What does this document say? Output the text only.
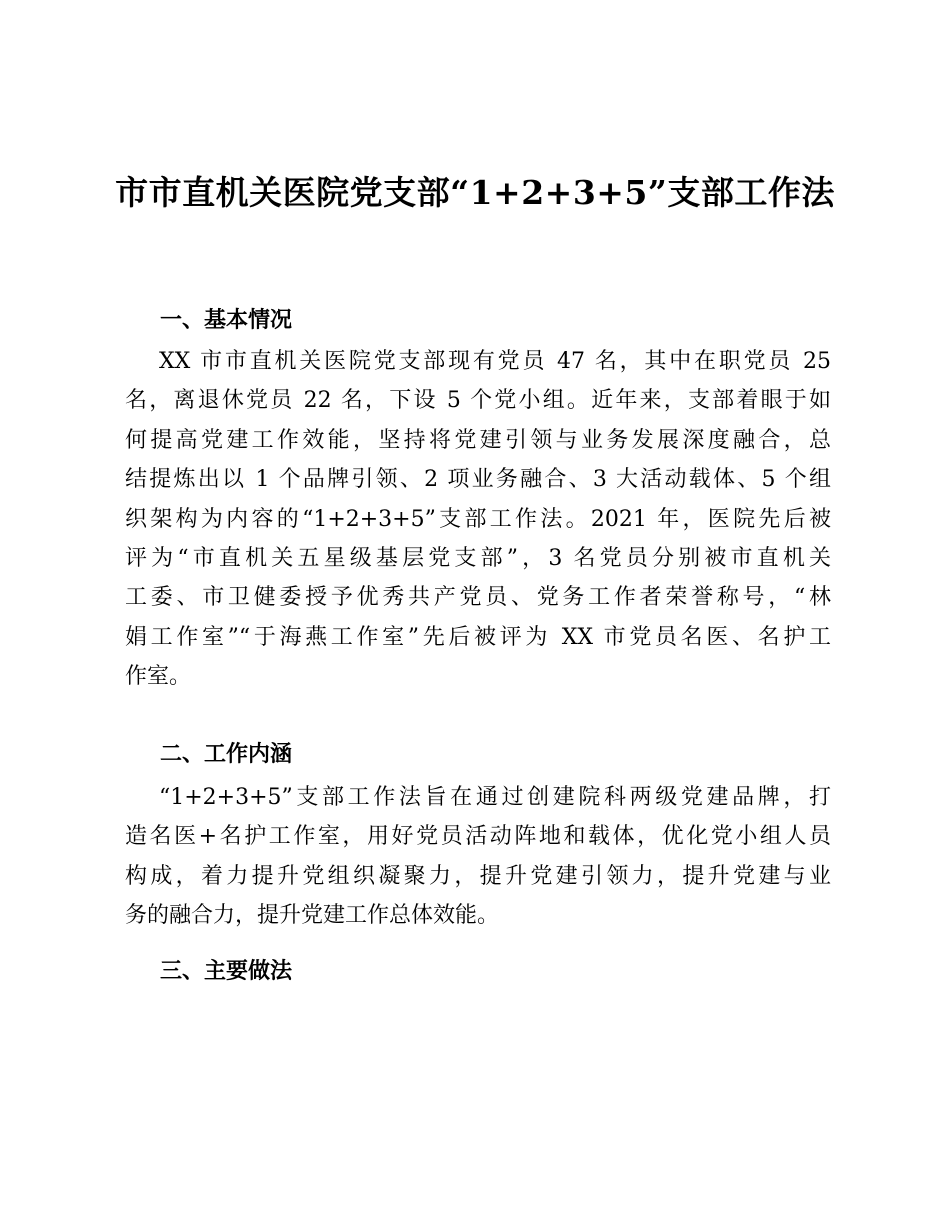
市市直机关医院党支部“1+2+3+5”支部工作法
一、基本情况
XX 市市直机关医院党支部现有党员 47 名，其中在职党员 25
名，离退休党员 22 名，下设 5 个党小组。近年来，支部着眼于如
何提高党建工作效能，坚持将党建引领与业务发展深度融合，总
结提炼出以 1 个品牌引领、2 项业务融合、3 大活动载体、5 个组
织架构为内容的“1+2+3+5”支部工作法。2021 年，医院先后被
评为“市直机关五星级基层党支部”，3 名党员分别被市直机关
工委、市卫健委授予优秀共产党员、党务工作者荣誉称号，“林
娟工作室”“于海燕工作室”先后被评为 XX 市党员名医、名护工
作室。
二、工作内涵
“1+2+3+5”支部工作法旨在通过创建院科两级党建品牌，打
造名医+名护工作室，用好党员活动阵地和载体，优化党小组人员
构成，着力提升党组织凝聚力，提升党建引领力，提升党建与业
务的融合力，提升党建工作总体效能。
三、主要做法
